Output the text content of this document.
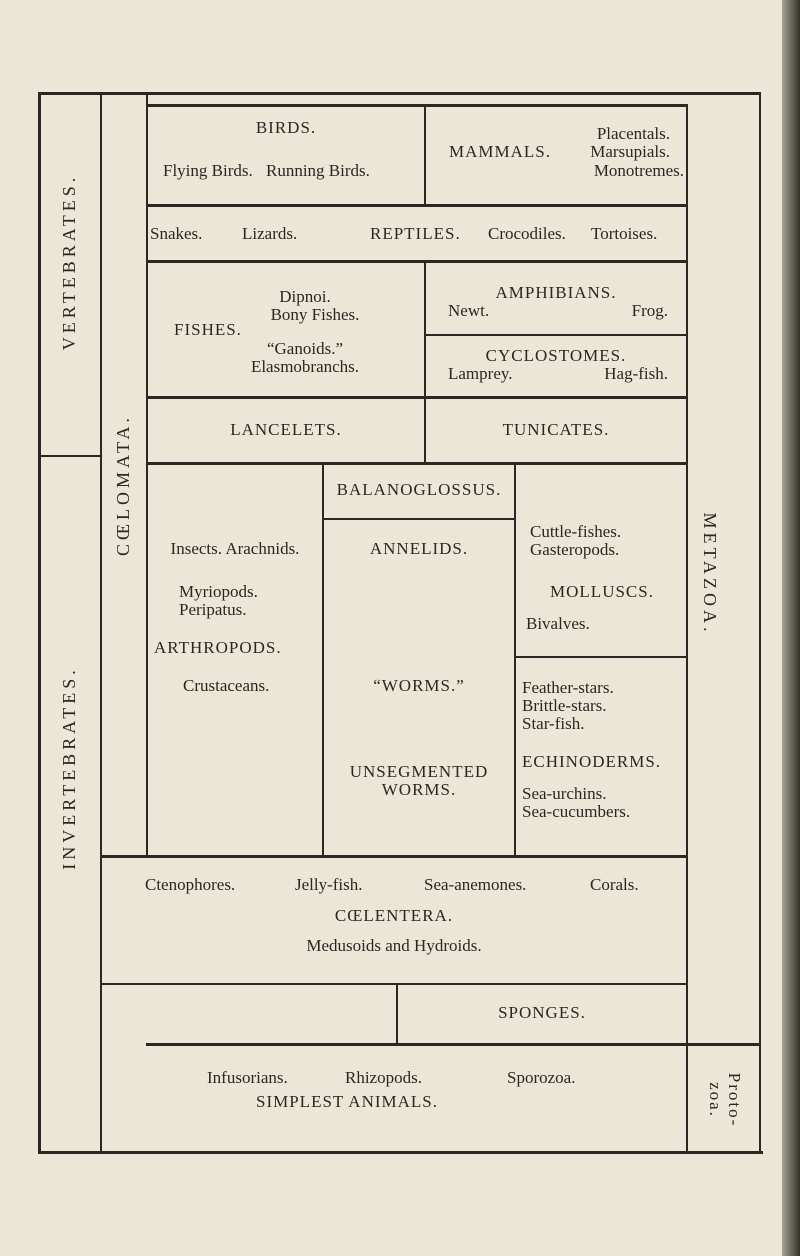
VERTEBRATES.
INVERTEBRATES.
CŒLOMATA.
METAZOA.
Proto-
zoa.
BIRDS.
Flying Birds. Running Birds.
MAMMALS.
Placentals.
Marsupials.
Monotremes.
Snakes. Lizards.	REPTILES. Crocodiles. Tortoises.
FISHES.
Dipnoi.
Bony Fishes.
“Ganoids.”
Elasmobranchs.
AMPHIBIANS.
Newt.	Frog.
CYCLOSTOMES.
Lamprey.	Hag-fish.
LANCELETS.	TUNICATES.
Insects. Arachnids.
Myriopods.
Peripatus.
ARTHROPODS.
Crustaceans.
BALANOGLOSSUS.
ANNELIDS.
“WORMS.”
UNSEGMENTED
WORMS.
Cuttle-fishes.
Gasteropods.
MOLLUSCS.
Bivalves.
Feather-stars.
Brittle-stars.
Star-fish.
ECHINODERMS.
Sea-urchins.
Sea-cucumbers.
Ctenophores.	Jelly-fish.	Sea-anemones.	Corals.
CŒLENTERA.
Medusoids and Hydroids.
SPONGES.
Infusorians.	Rhizopods.	Sporozoa.
SIMPLEST ANIMALS.
